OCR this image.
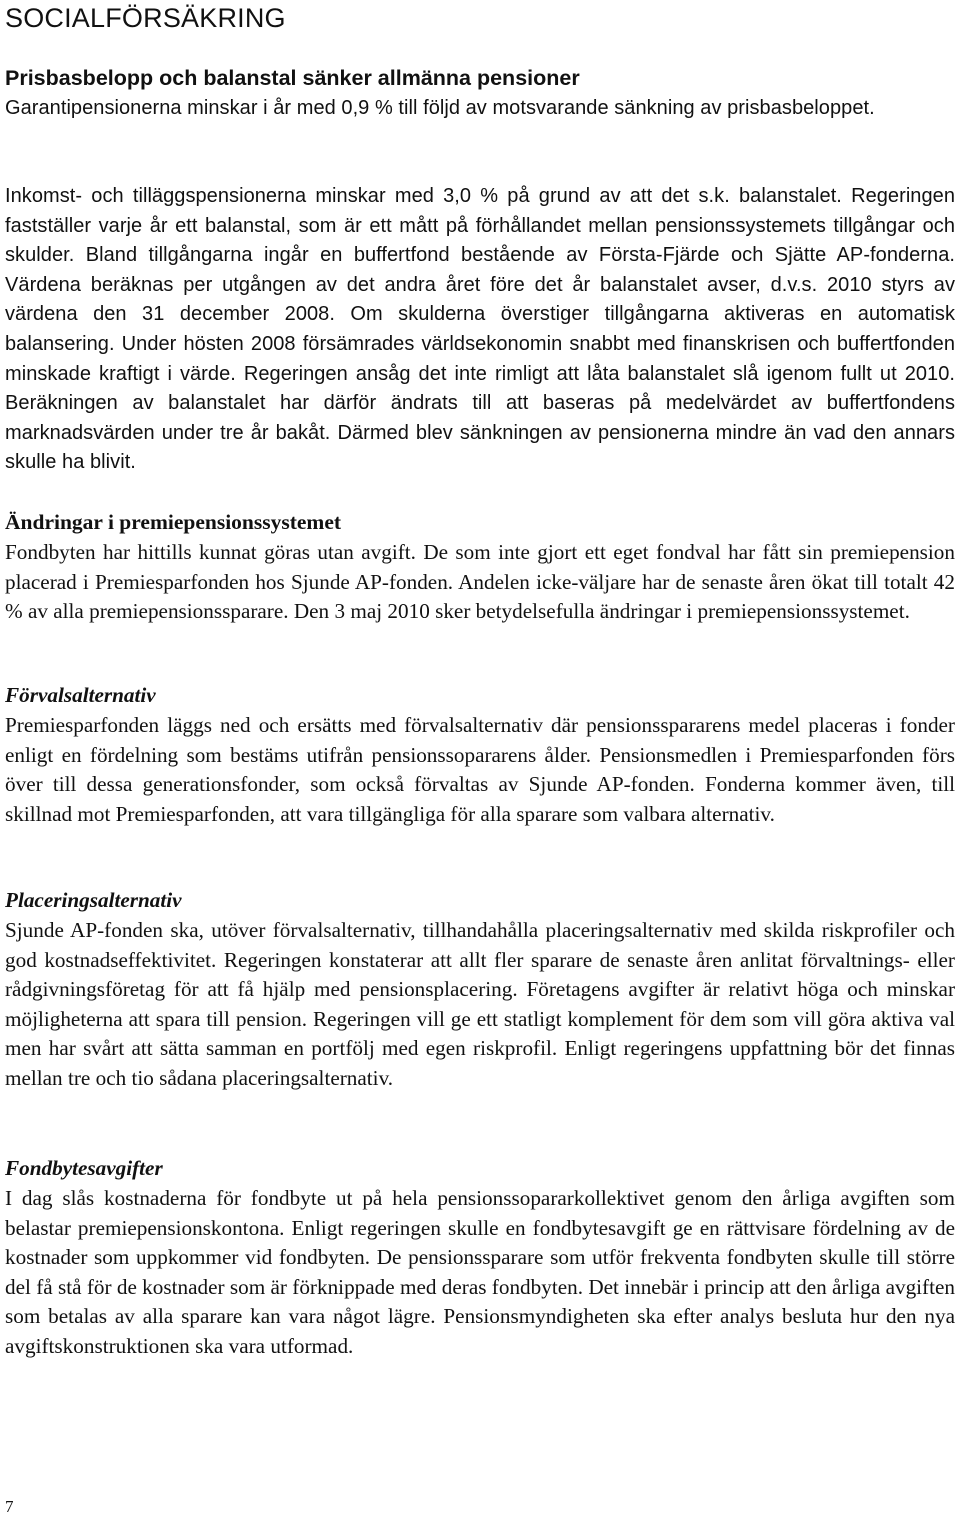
SOCIALFÖRSÄKRING
Prisbasbelopp och balanstal sänker allmänna pensioner

Garantipensionerna minskar i år med 0,9 % till följd av motsvarande sänkning av prisbasbeloppet.

Inkomst- och tilläggspensionerna minskar med 3,0 % på grund av att det s.k. balanstalet. Regeringen fastställer varje år ett balanstal, som är ett mått på förhållandet mellan pensionssystemets tillgångar och skulder. Bland tillgångarna ingår en buffertfond bestående av Första-Fjärde och Sjätte AP-fonderna. Värdena beräknas per utgången av det andra året före det år balanstalet avser, d.v.s. 2010 styrs av värdena den 31 december 2008. Om skulderna överstiger tillgångarna aktiveras en automatisk balansering. Under hösten 2008 försämrades världsekonomin snabbt med finanskrisen och buffertfonden minskade kraftigt i värde. Regeringen ansåg det inte rimligt att låta balanstalet slå igenom fullt ut 2010. Beräkningen av balanstalet har därför ändrats till att baseras på medelvärdet av buffertfondens marknadsvärden under tre år bakåt. Därmed blev sänkningen av pensionerna mindre än vad den annars skulle ha blivit.

Ändringar i premiepensionssystemet

Fondbyten har hittills kunnat göras utan avgift. De som inte gjort ett eget fondval har fått sin premiepension placerad i Premiesparfonden hos Sjunde AP-fonden. Andelen icke-väljare har de senaste åren ökat till totalt 42 % av alla premiepensionssparare. Den 3 maj 2010 sker betydelsefulla ändringar i premiepensionssystemet.

Förvalsalternativ

Premiesparfonden läggs ned och ersätts med förvalsalternativ där pensionsspararens medel placeras i fonder enligt en fördelning som bestäms utifrån pensionssopararens ålder. Pensionsmedlen i Premiesparfonden förs över till dessa generationsfonder, som också förvaltas av Sjunde AP-fonden. Fonderna kommer även, till skillnad mot Premiesparfonden, att vara tillgängliga för alla sparare som valbara alternativ.

Placeringsalternativ

Sjunde AP-fonden ska, utöver förvalsalternativ, tillhandahålla placeringsalternativ med skilda riskprofiler och god kostnadseffektivitet. Regeringen konstaterar att allt fler sparare de senaste åren anlitat förvaltnings- eller rådgivningsföretag för att få hjälp med pensionsplacering. Företagens avgifter är relativt höga och minskar möjligheterna att spara till pension. Regeringen vill ge ett statligt komplement för dem som vill göra aktiva val men har svårt att sätta samman en portfölj med egen riskprofil. Enligt regeringens uppfattning bör det finnas mellan tre och tio sådana placeringsalternativ.

Fondbytesavgifter

I dag slås kostnaderna för fondbyte ut på hela pensionssopararkollektivet genom den årliga avgiften som belastar premiepensionskontona. Enligt regeringen skulle en fondbytesavgift ge en rättvisare fördelning av de kostnader som uppkommer vid fondbyten. De pensionssparare som utför frekventa fondbyten skulle till större del få stå för de kostnader som är förknippade med deras fondbyten. Det innebär i princip att den årliga avgiften som betalas av alla sparare kan vara något lägre. Pensionsmyndigheten ska efter analys besluta hur den nya avgiftskonstruktionen ska vara utformad.

7
